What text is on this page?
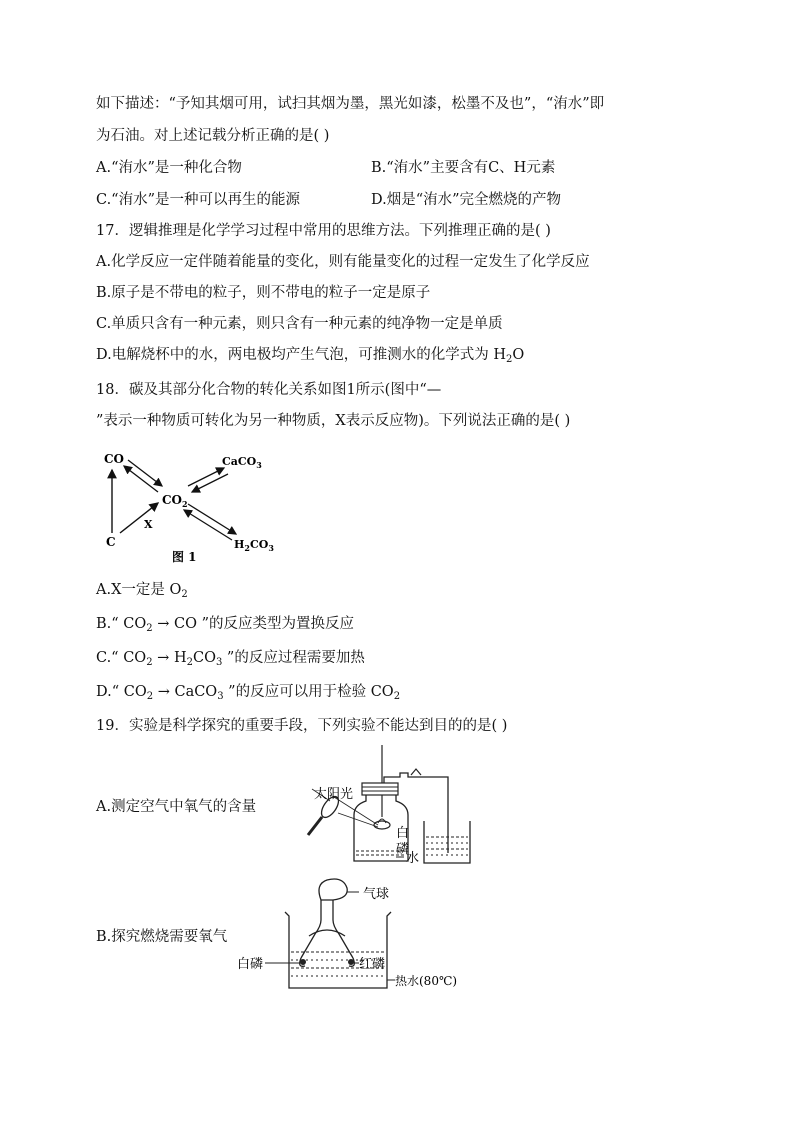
如下描述：“予知其烟可用，试扫其烟为墨，黑光如漆，松墨不及也”，“洧水”即
为石油。对上述记载分析正确的是( )
A.“洧水”是一种化合物	B.“洧水”主要含有C、H元素
C.“洧水”是一种可以再生的能源	D.烟是“洧水”完全燃烧的产物
17．逻辑推理是化学学习过程中常用的思维方法。下列推理正确的是( )
A.化学反应一定伴随着能量的变化，则有能量变化的过程一定发生了化学反应
B.原子是不带电的粒子，则不带电的粒子一定是原子
C.单质只含有一种元素，则只含有一种元素的纯净物一定是单质
D.电解烧杯中的水，两电极均产生气泡，可推测水的化学式为 $H_2O$
18．碳及其部分化合物的转化关系如图1所示(图中“—
”表示一种物质可转化为另一种物质，X表示反应物)。下列说法正确的是( )
CO	CaCO$_3$
$CO_2$
X
C	$H_2CO_3$
图 1
A.X一定是 $O_2$
B.“ $CO_2$ → CO ”的反应类型为置换反应
C.“ $CO_2 \to H_2CO_3$ ”的反应过程需要加热
D.“ $CO_2$ → CaCO$_3$ ”的反应可以用于检验 $CO_2$
19．实验是科学探究的重要手段，下列实验不能达到目的的是( )
A.测定空气中氧气的含量
太阳光
白
磷
水
B.探究燃烧需要氧气
气球
白磷	红磷
热水(80℃)
